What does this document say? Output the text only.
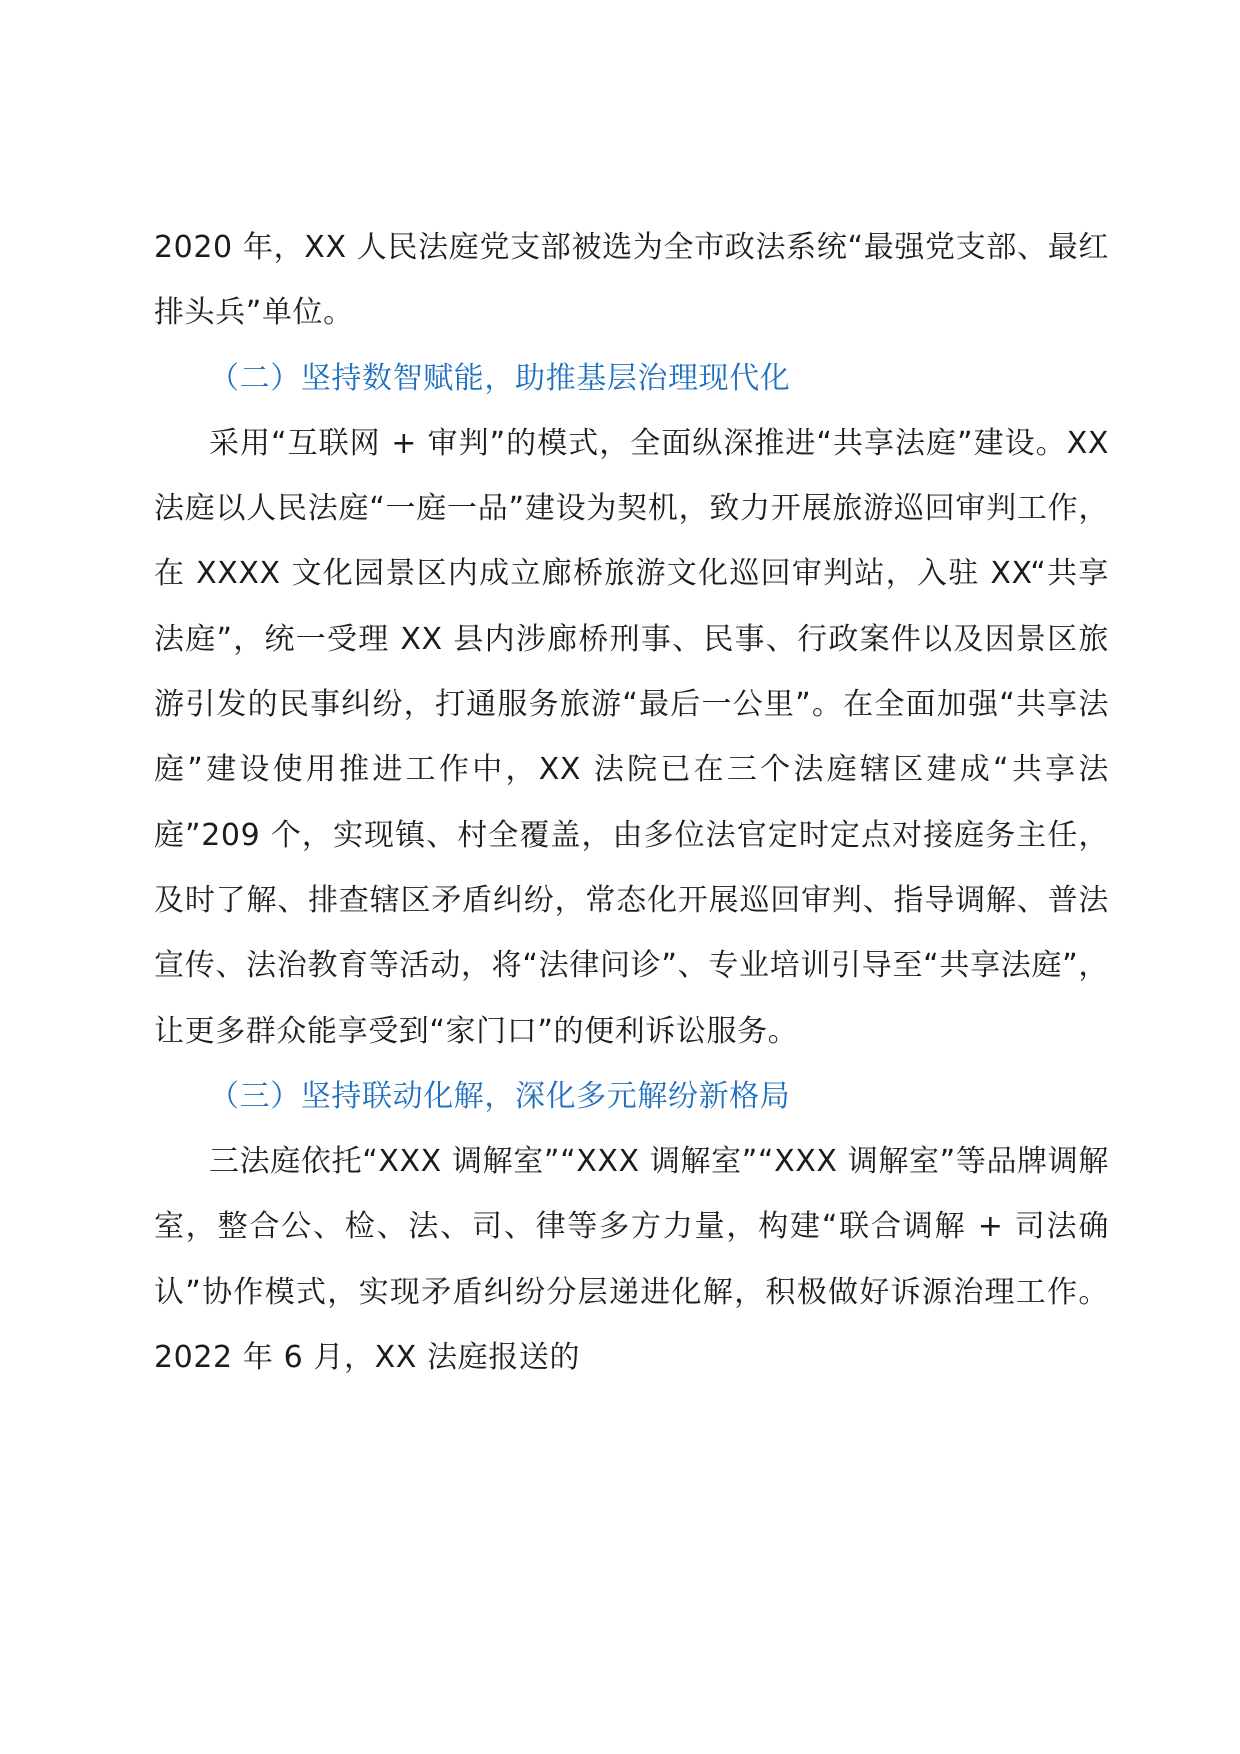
2020 年，XX 人民法庭党支部被选为全市政法系统“最强党支部、最红排头兵”单位。

（二）坚持数智赋能，助推基层治理现代化

采用“互联网 + 审判”的模式，全面纵深推进“共享法庭”建设。XX 法庭以人民法庭“一庭一品”建设为契机，致力开展旅游巡回审判工作，在 XXXX 文化园景区内成立廊桥旅游文化巡回审判站，入驻 XX“共享法庭”，统一受理 XX 县内涉廊桥刑事、民事、行政案件以及因景区旅游引发的民事纠纷，打通服务旅游“最后一公里”。在全面加强“共享法庭”建设使用推进工作中，XX 法院已在三个法庭辖区建成“共享法庭”209 个，实现镇、村全覆盖，由多位法官定时定点对接庭务主任，及时了解、排查辖区矛盾纠纷，常态化开展巡回审判、指导调解、普法宣传、法治教育等活动，将“法律问诊”、专业培训引导至“共享法庭”，让更多群众能享受到“家门口”的便利诉讼服务。

（三）坚持联动化解，深化多元解纷新格局

三法庭依托“XXX 调解室”“XXX 调解室”“XXX 调解室”等品牌调解室，整合公、检、法、司、律等多方力量，构建“联合调解 + 司法确认”协作模式，实现矛盾纠纷分层递进化解，积极做好诉源治理工作。2022 年 6 月，XX 法庭报送的
